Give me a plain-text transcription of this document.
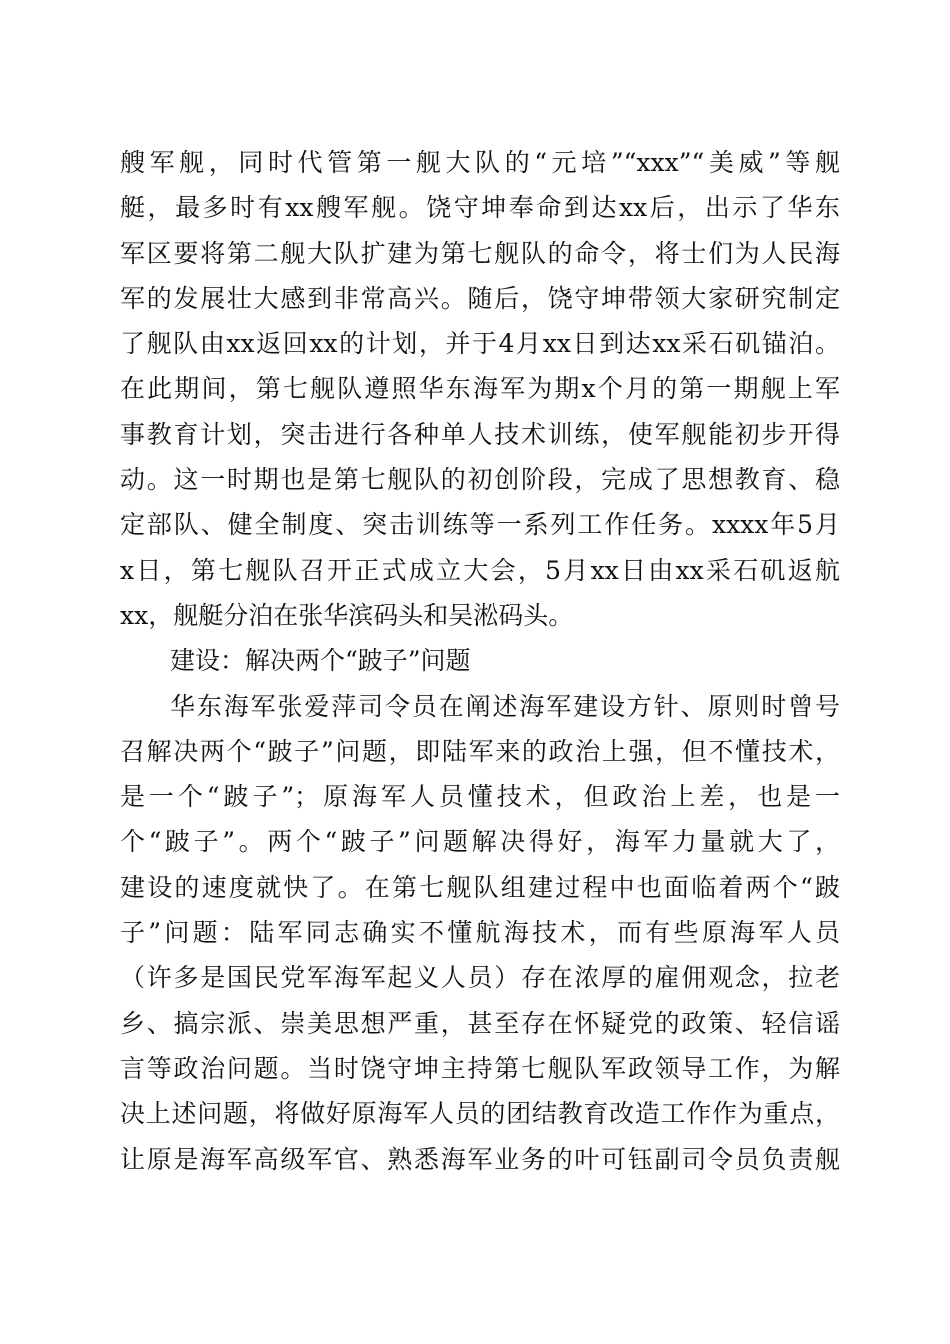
艘军舰，同时代管第一舰大队的“元培”“xxx”“美威”等舰
艇，最多时有xx艘军舰。饶守坤奉命到达xx后，出示了华东
军区要将第二舰大队扩建为第七舰队的命令，将士们为人民海
军的发展壮大感到非常高兴。随后，饶守坤带领大家研究制定
了舰队由xx返回xx的计划，并于4月xx日到达xx采石矶锚泊。
在此期间，第七舰队遵照华东海军为期x个月的第一期舰上军
事教育计划，突击进行各种单人技术训练，使军舰能初步开得
动。这一时期也是第七舰队的初创阶段，完成了思想教育、稳
定部队、健全制度、突击训练等一系列工作任务。xxxx年5月
x日，第七舰队召开正式成立大会，5月xx日由xx采石矶返航
xx，舰艇分泊在张华滨码头和吴淞码头。
建设：解决两个“跛子”问题
华东海军张爱萍司令员在阐述海军建设方针、原则时曾号
召解决两个“跛子”问题，即陆军来的政治上强，但不懂技术，
是一个“跛子”；原海军人员懂技术，但政治上差，也是一
个“跛子”。两个“跛子”问题解决得好，海军力量就大了，
建设的速度就快了。在第七舰队组建过程中也面临着两个“跛
子”问题：陆军同志确实不懂航海技术，而有些原海军人员
（许多是国民党军海军起义人员）存在浓厚的雇佣观念，拉老
乡、搞宗派、崇美思想严重，甚至存在怀疑党的政策、轻信谣
言等政治问题。当时饶守坤主持第七舰队军政领导工作，为解
决上述问题，将做好原海军人员的团结教育改造工作作为重点，
让原是海军高级军官、熟悉海军业务的叶可钰副司令员负责舰
